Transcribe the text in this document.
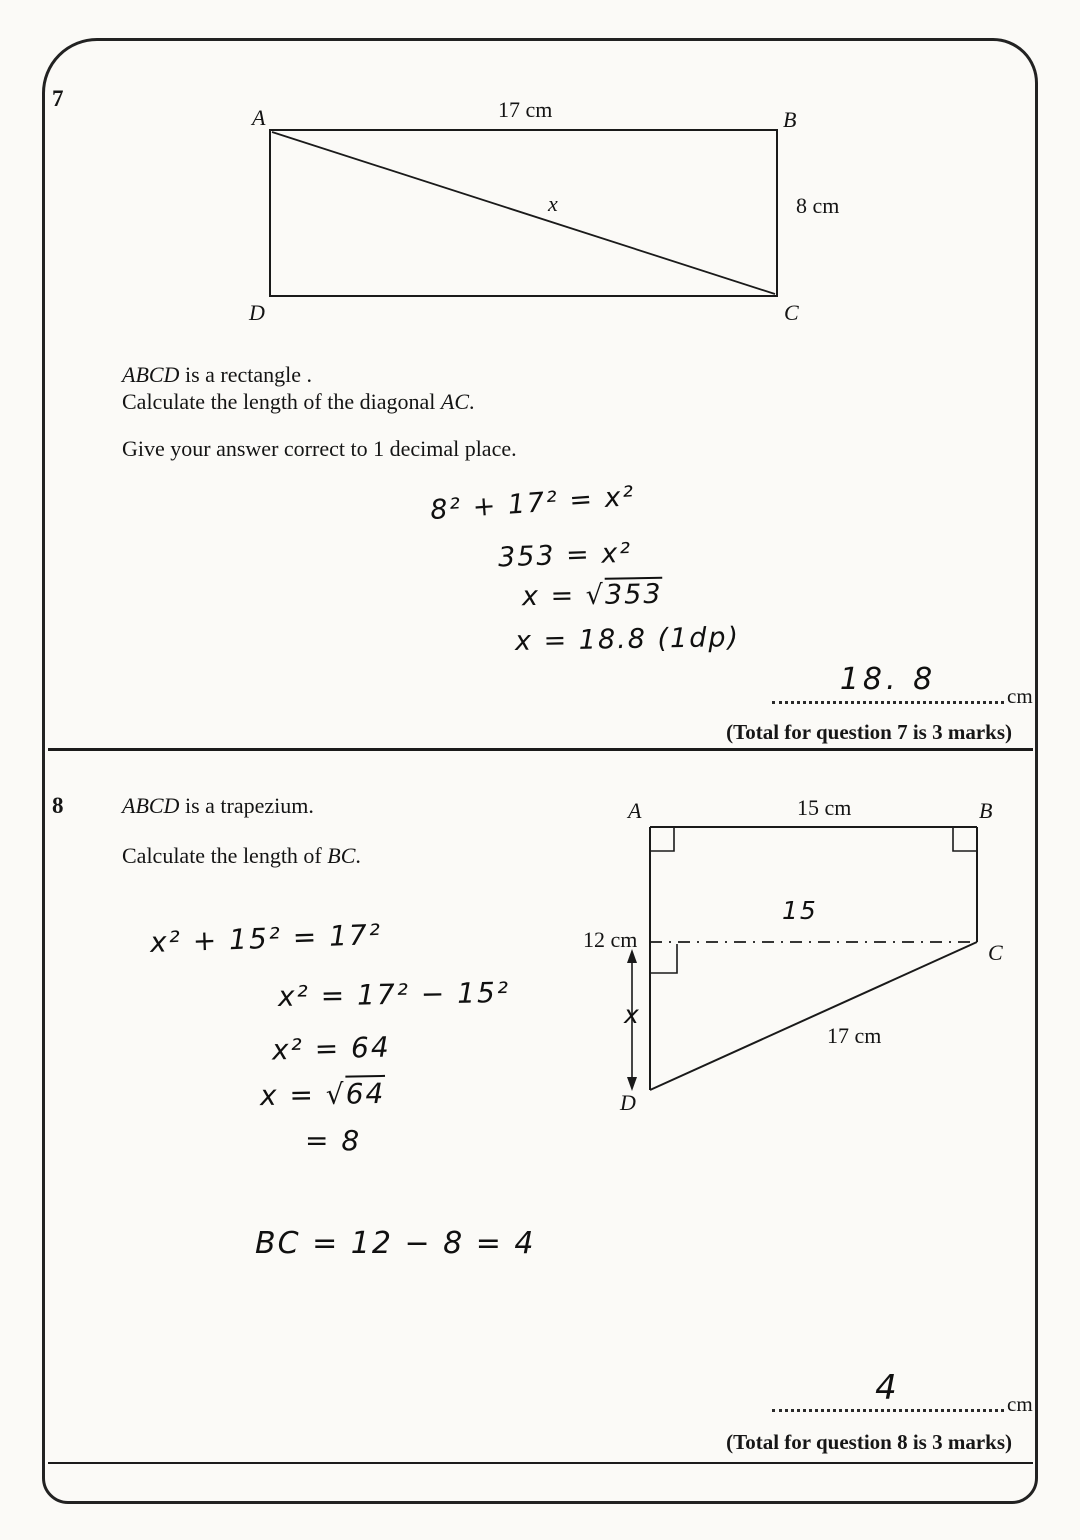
7
A	17 cm	B
x	8 cm
D	C

ABCD is a rectangle .

Calculate the length of the diagonal AC.

Give your answer correct to 1 decimal place.

8² + 17² = x²
353 = x²
x = √353
x = 18.8 (1dp)
18. 8	cm
(Total for question 7 is 3 marks)
8	ABCD is a trapezium.

Calculate the length of BC.

A	15 cm	B
12 cm
C
17 cm
D
15
x
x² + 15² = 17²
x² = 17² − 15²
x² = 64
x = √64
= 8
BC = 12 − 8 = 4
4	cm
(Total for question 8 is 3 marks)
